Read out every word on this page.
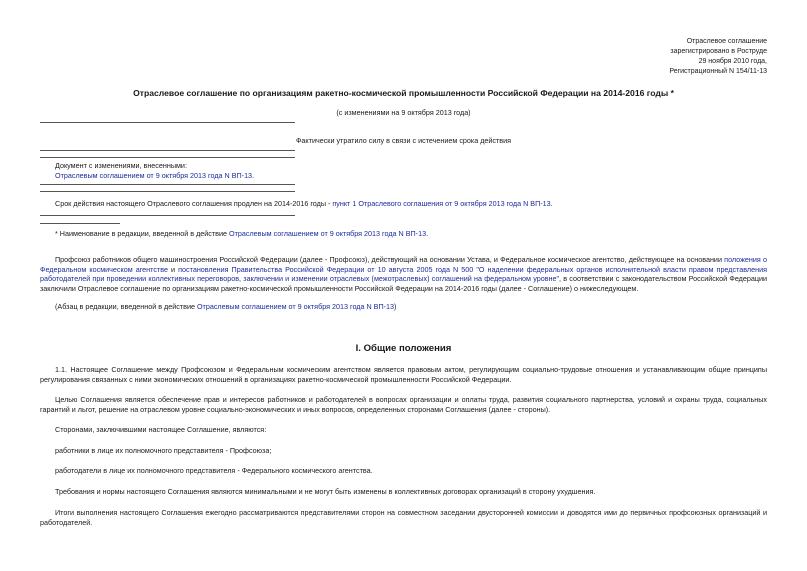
Отраслевое соглашение
зарегистрировано в Роструде
29 ноября 2010 года,
Регистрационный N 154/11-13
Отраслевое соглашение по организациям ракетно-космической промышленности Российской Федерации на 2014-2016 годы *
(с изменениями на 9 октября 2013 года)
Фактически утратило силу в связи с истечением срока действия
Документ с изменениями, внесенными:
Отраслевым соглашением от 9 октября 2013 года N ВП-13.
Срок действия настоящего Отраслевого соглашения продлен на 2014-2016 годы - пункт 1 Отраслевого соглашения от 9 октября 2013 года N ВП-13.
* Наименование в редакции, введенной в действие Отраслевым соглашением от 9 октября 2013 года N ВП-13.
Профсоюз работников общего машиностроения Российской Федерации (далее - Профсоюз), действующий на основании Устава, и Федеральное космическое агентство, действующее на основании положения о Федеральном космическом агентстве и постановления Правительства Российской Федерации от 10 августа 2005 года N 500 "О наделении федеральных органов исполнительной власти правом представления работодателей при проведении коллективных переговоров, заключении и изменении отраслевых (межотраслевых) соглашений на федеральном уровне", в соответствии с законодательством Российской Федерации заключили Отраслевое соглашение по организациям ракетно-космической промышленности Российской Федерации на 2014-2016 годы (далее - Соглашение) о нижеследующем.
(Абзац в редакции, введенной в действие Отраслевым соглашением от 9 октября 2013 года N ВП-13)
I. Общие положения
1.1. Настоящее Соглашение между Профсоюзом и Федеральным космическим агентством является правовым актом, регулирующим социально-трудовые отношения и устанавливающим общие принципы регулирования связанных с ними экономических отношений в организациях ракетно-космической промышленности Российской Федерации.
Целью Соглашения является обеспечение прав и интересов работников и работодателей в вопросах организации и оплаты труда, развития социального партнерства, условий и охраны труда, социальных гарантий и льгот, решение на отраслевом уровне социально-экономических и иных вопросов, определенных сторонами Соглашения (далее - стороны).
Сторонами, заключившими настоящее Соглашение, являются:
работники в лице их полномочного представителя - Профсоюза;
работодатели в лице их полномочного представителя - Федерального космического агентства.
Требования и нормы настоящего Соглашения являются минимальными и не могут быть изменены в коллективных договорах организаций в сторону ухудшения.
Итоги выполнения настоящего Соглашения ежегодно рассматриваются представителями сторон на совместном заседании двусторонней комиссии и доводятся ими до первичных профсоюзных организаций и работодателей.
